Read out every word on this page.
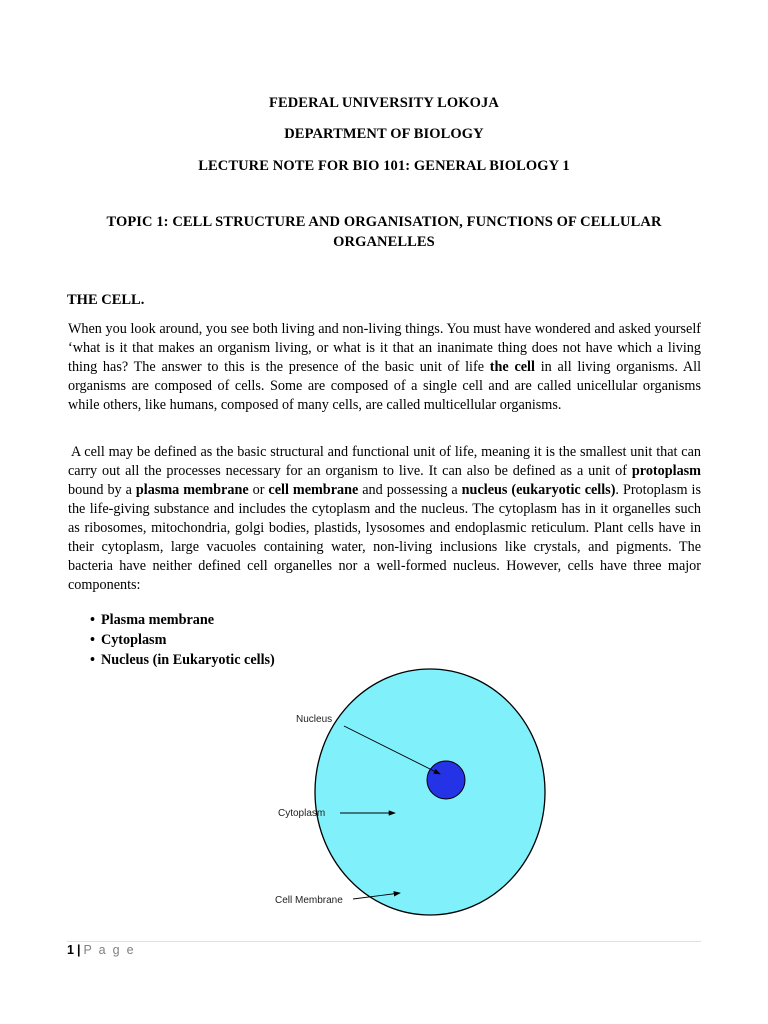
FEDERAL UNIVERSITY LOKOJA
DEPARTMENT OF BIOLOGY
LECTURE NOTE FOR BIO 101: GENERAL BIOLOGY 1
TOPIC 1: CELL STRUCTURE AND ORGANISATION, FUNCTIONS OF CELLULAR
ORGANELLES
THE CELL.

When you look around, you see both living and non-living things. You must have wondered and asked yourself ‘what is it that makes an organism living, or what is it that an inanimate thing does not have which a living thing has? The answer to this is the presence of the basic unit of life the cell in all living organisms. All organisms are composed of cells. Some are composed of a single cell and are called unicellular organisms while others, like humans, composed of many cells, are called multicellular organisms.

A cell may be defined as the basic structural and functional unit of life, meaning it is the smallest unit that can carry out all the processes necessary for an organism to live. It can also be defined as a unit of protoplasm bound by a plasma membrane or cell membrane and possessing a nucleus (eukaryotic cells). Protoplasm is the life-giving substance and includes the cytoplasm and the nucleus. The cytoplasm has in it organelles such as ribosomes, mitochondria, golgi bodies, plastids, lysosomes and endoplasmic reticulum. Plant cells have in their cytoplasm, large vacuoles containing water, non-living inclusions like crystals, and pigments. The bacteria have neither defined cell organelles nor a well-formed nucleus. However, cells have three major components:

• Plasma membrane
• Cytoplasm
• Nucleus (in Eukaryotic cells)
Nucleus
Cytoplasm
Cell Membrane
1 | P a g e
